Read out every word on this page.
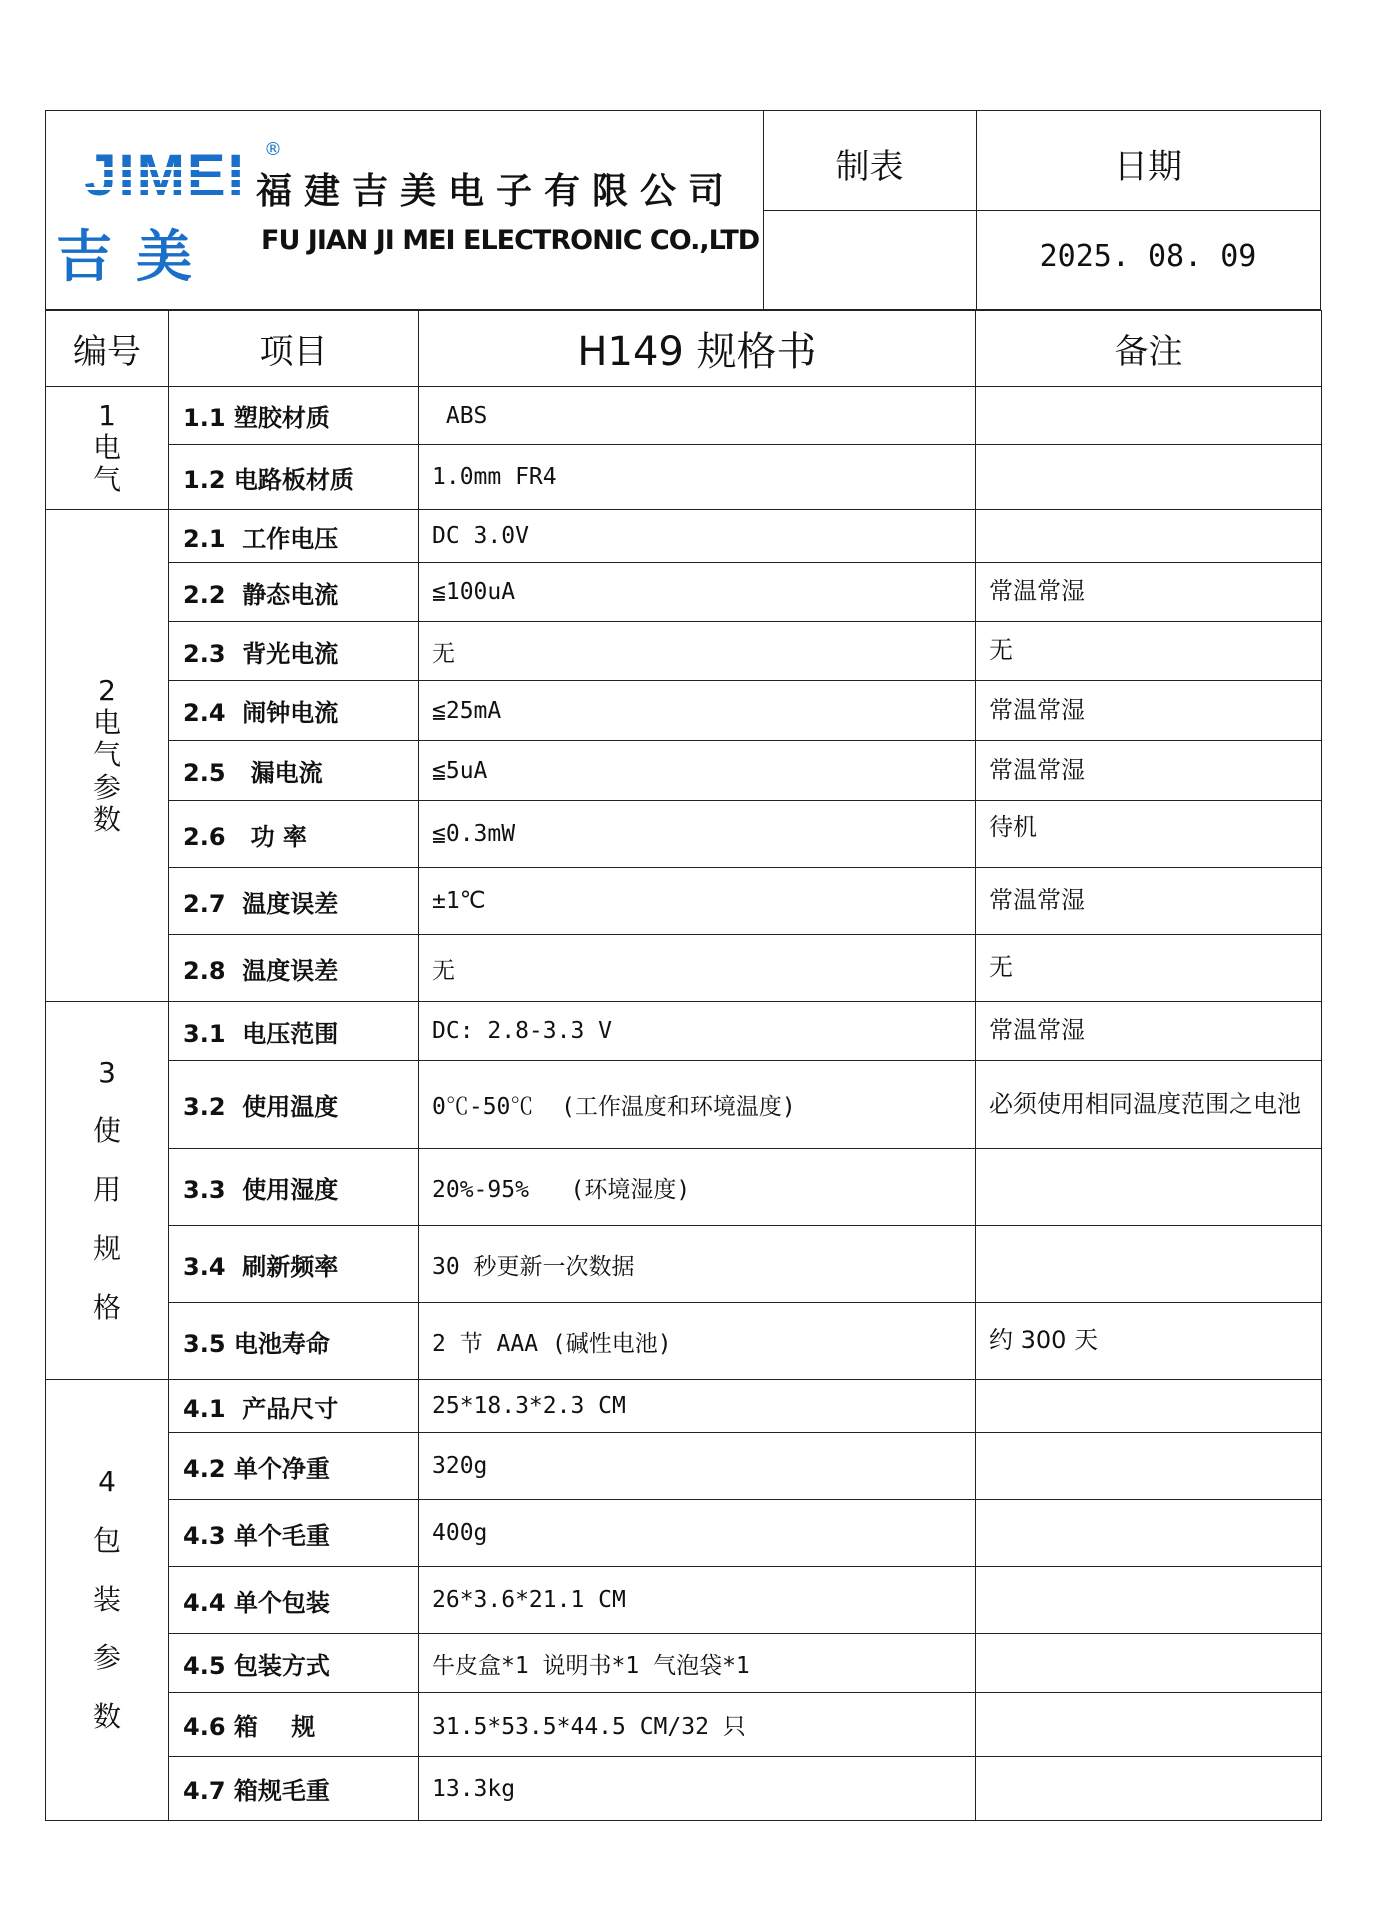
®
吉美
福建吉美电子有限公司
FU JIAN JI MEI ELECTRONIC CO.,LTD
制表	日期
2025. 08. 09
编号	项目	H149 规格书	备注
1电气	1.1 塑胶材质	ABS	
	1.2 电路板材质	1.0mm FR4	
2电气参数	2.1  工作电压	DC 3.0V	
	2.2  静态电流	≦100uA	常温常湿
	2.3  背光电流	无	无
	2.4  闹钟电流	≦25mA	常温常湿
	2.5   漏电流	≦5uA	常温常湿
	2.6   功 率	≦0.3mW	待机
	2.7  温度误差	±1℃	常温常湿
	2.8  温度误差	无	无
3使用规格	3.1  电压范围	DC: 2.8-3.3 V	常温常湿
	3.2  使用温度	0℃-50℃  (工作温度和环境温度)	必须使用相同温度范围之电池
	3.3  使用湿度	20%-95%   (环境湿度)	
	3.4  刷新频率	30 秒更新一次数据	
	3.5 电池寿命	2 节 AAA (碱性电池)	约 300 天
4包装参数	4.1  产品尺寸	25*18.3*2.3 CM	
	4.2 单个净重	320g	
	4.3 单个毛重	400g	
	4.4 单个包装	26*3.6*21.1 CM	
	4.5 包装方式	牛皮盒*1 说明书*1 气泡袋*1	
	4.6 箱    规	31.5*53.5*44.5 CM/32 只	
	4.7 箱规毛重	13.3kg	
